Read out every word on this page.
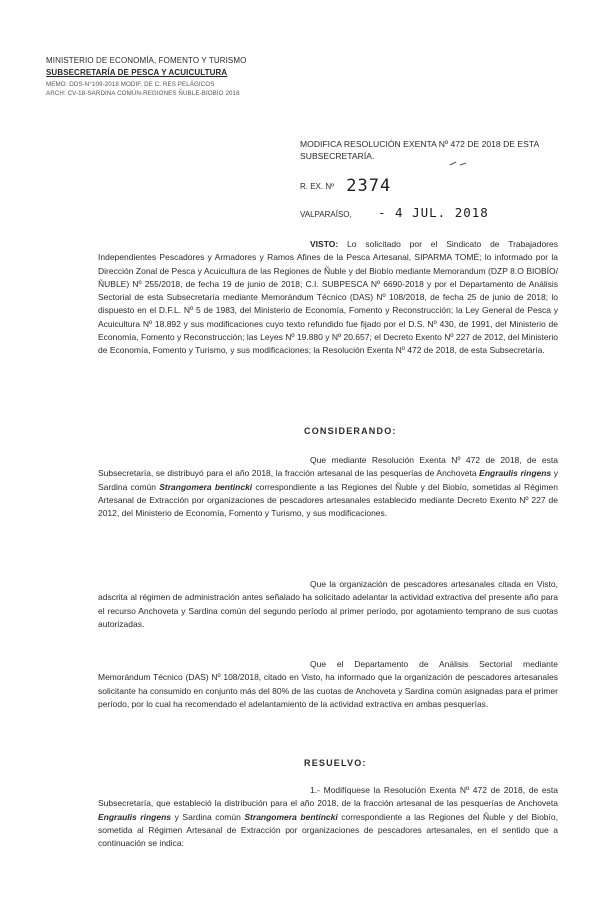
MINISTERIO DE ECONOMÍA, FOMENTO Y TURISMO
SUBSECRETARÍA DE PESCA Y ACUICULTURA
MEMO: DDS-N°109-2018 MODIF. DE C. RES PELÁGICOS
ARCH: CV-18-SARDINA COMÚN-REGIONES ÑUBLE-BIOBÍO 2018
MODIFICA RESOLUCIÓN EXENTA Nº 472 DE 2018 DE ESTA SUBSECRETARÍA.
R. EX. Nº 2374
VALPARAÍSO, - 4 JUL. 2018
VISTO: Lo solicitado por el Sindicato de Trabajadores Independientes Pescadores y Armadores y Ramos Afines de la Pesca Artesanal, SIPARMA TOMÉ; lo informado por la Dirección Zonal de Pesca y Acuicultura de las Regiones de Ñuble y del Biobío mediante Memorandum (DZP 8.O BIOBÍO/ÑUBLE) Nº 255/2018, de fecha 19 de junio de 2018; C.I. SUBPESCA Nº 6690-2018 y por el Departamento de Análisis Sectorial de esta Subsecretaría mediante Memorándum Técnico (DAS) Nº 108/2018, de fecha 25 de junio de 2018; lo dispuesto en el D.F.L. Nº 5 de 1983, del Ministerio de Economía, Fomento y Reconstrucción; la Ley General de Pesca y Acuicultura Nº 18.892 y sus modificaciones cuyo texto refundido fue fijado por el D.S. Nº 430, de 1991, del Ministerio de Economía, Fomento y Reconstrucción; las Leyes Nº 19.880 y Nº 20.657; el Decreto Exento Nº 227 de 2012, del Ministerio de Economía, Fomento y Turismo, y sus modificaciones; la Resolución Exenta Nº 472 de 2018, de esta Subsecretaría.
CONSIDERANDO:
Que mediante Resolución Exenta Nº 472 de 2018, de esta Subsecretaría, se distribuyó para el año 2018, la fracción artesanal de las pesquerías de Anchoveta Engraulis ringens y Sardina común Strangomera bentincki correspondiente a las Regiones del Ñuble y del Biobío, sometidas al Régimen Artesanal de Extracción por organizaciones de pescadores artesanales establecido mediante Decreto Exento Nº 227 de 2012, del Ministerio de Economía, Fomento y Turismo, y sus modificaciones.
Que la organización de pescadores artesanales citada en Visto, adscrita al régimen de administración antes señalado ha solicitado adelantar la actividad extractiva del presente año para el recurso Anchoveta y Sardina común del segundo período al primer período, por agotamiento temprano de sus cuotas autorizadas.
Que el Departamento de Análisis Sectorial mediante Memorándum Técnico (DAS) Nº 108/2018, citado en Visto, ha informado que la organización de pescadores artesanales solicitante ha consumido en conjunto más del 80% de las cuotas de Anchoveta y Sardina común asignadas para el primer período, por lo cual ha recomendado el adelantamiento de la actividad extractiva en ambas pesquerías.
RESUELVO:
1.- Modifíquese la Resolución Exenta Nº 472 de 2018, de esta Subsecretaría, que estableció la distribución para el año 2018, de la fracción artesanal de las pesquerías de Anchoveta Engraulis ringens y Sardina común Strangomera bentincki correspondiente a las Regiones del Ñuble y del Biobío, sometida al Régimen Artesanal de Extracción por organizaciones de pescadores artesanales, en el sentido que a continuación se indica:
